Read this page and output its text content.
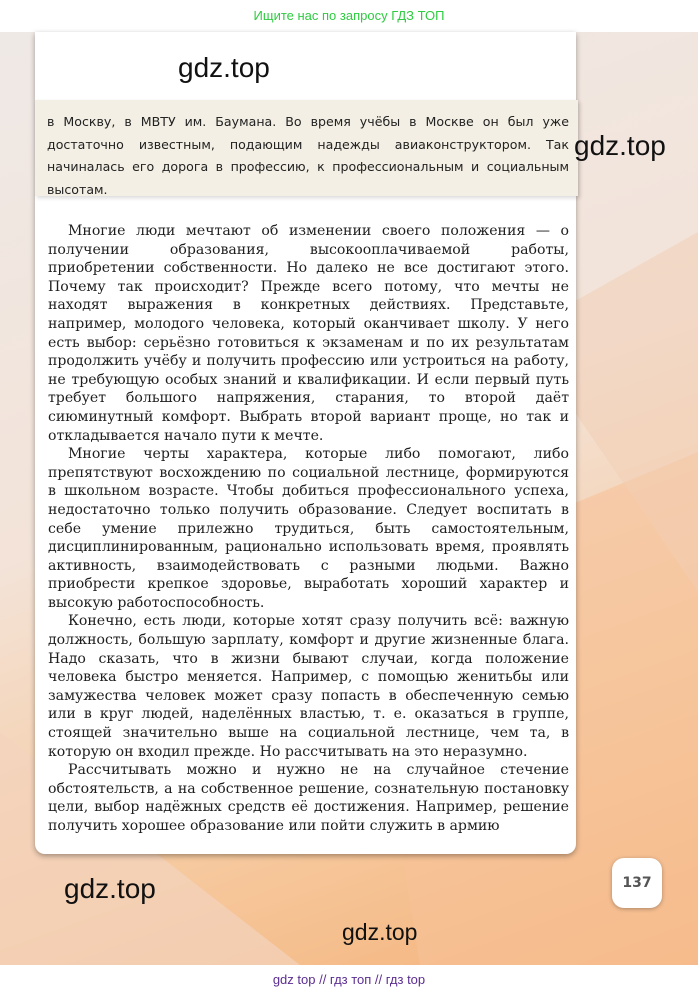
Ищите нас по запросу ГДЗ ТОП
в Москву, в МВТУ им. Баумана. Во время учёбы в Москве он был уже достаточно известным, подающим надежды авиаконструктором. Так начиналась его дорога в профессию, к профессиональным и социальным высотам.

Многие люди мечтают об изменении своего положения — о получении образования, высокооплачиваемой работы, приобретении собственности. Но далеко не все достигают этого. Почему так происходит? Прежде всего потому, что мечты не находят выражения в конкретных действиях. Представьте, например, молодого человека, который оканчивает школу. У него есть выбор: серьёзно готовиться к экзаменам и по их результатам продолжить учёбу и получить профессию или устроиться на работу, не требующую особых знаний и квалификации. И если первый путь требует большого напряжения, старания, то второй даёт сиюминутный комфорт. Выбрать второй вариант проще, но так и откладывается начало пути к мечте.

Многие черты характера, которые либо помогают, либо препятствуют восхождению по социальной лестнице, формируются в школьном возрасте. Чтобы добиться профессионального успеха, недостаточно только получить образование. Следует воспитать в себе умение прилежно трудиться, быть самостоятельным, дисциплинированным, рационально использовать время, проявлять активность, взаимодействовать с разными людьми. Важно приобрести крепкое здоровье, выработать хороший характер и высокую работоспособность.

Конечно, есть люди, которые хотят сразу получить всё: важную должность, большую зарплату, комфорт и другие жизненные блага. Надо сказать, что в жизни бывают случаи, когда положение человека быстро меняется. Например, с помощью женитьбы или замужества человек может сразу попасть в обеспеченную семью или в круг людей, наделённых властью, т. е. оказаться в группе, стоящей значительно выше на социальной лестнице, чем та, в которую он входил прежде. Но рассчитывать на это неразумно.

Рассчитывать можно и нужно не на случайное стечение обстоятельств, а на собственное решение, сознательную постановку цели, выбор надёжных средств её достижения. Например, решение получить хорошее образование или пойти служить в армию

gdz.top
gdz.top
gdz.top
gdz.top
137
gdz top // гдз топ // гдз top
